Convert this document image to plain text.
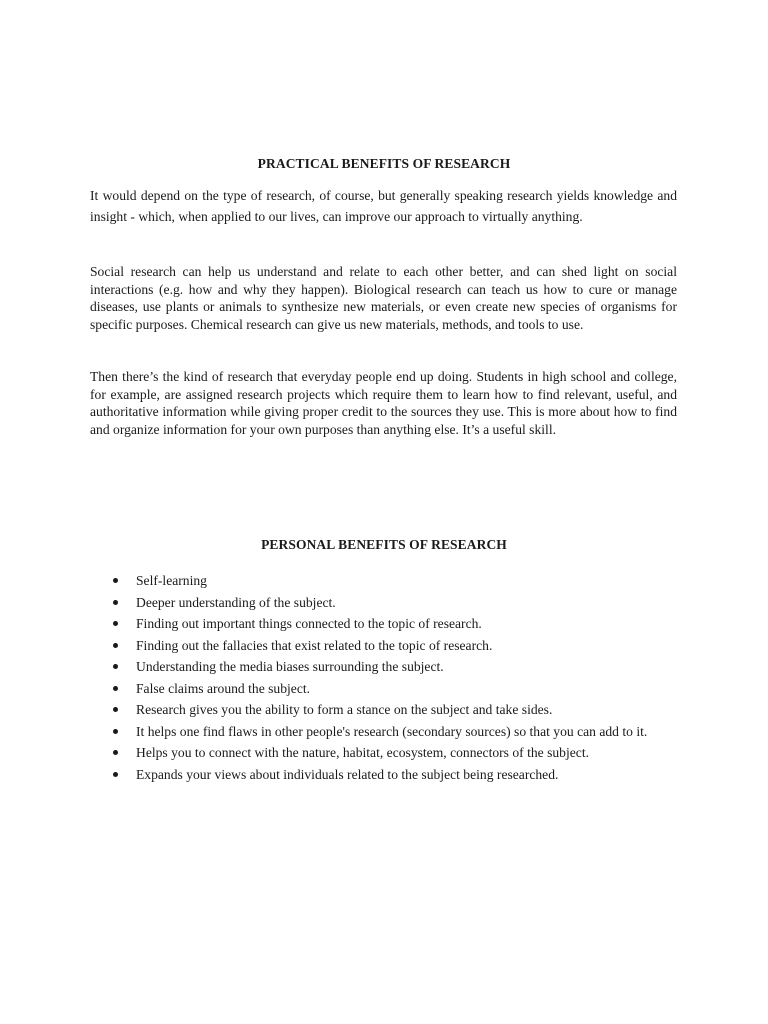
PRACTICAL BENEFITS OF RESEARCH

It would depend on the type of research, of course, but generally speaking research yields knowledge and insight - which, when applied to our lives, can improve our approach to virtually anything.

Social research can help us understand and relate to each other better, and can shed light on social interactions (e.g. how and why they happen). Biological research can teach us how to cure or manage diseases, use plants or animals to synthesize new materials, or even create new species of organisms for specific purposes. Chemical research can give us new materials, methods, and tools to use.

Then there’s the kind of research that everyday people end up doing. Students in high school and college, for example, are assigned research projects which require them to learn how to find relevant, useful, and authoritative information while giving proper credit to the sources they use. This is more about how to find and organize information for your own purposes than anything else. It’s a useful skill.

PERSONAL BENEFITS OF RESEARCH
Self-learning
Deeper understanding of the subject.
Finding out important things connected to the topic of research.
Finding out the fallacies that exist related to the topic of research.
Understanding the media biases surrounding the subject.
False claims around the subject.
Research gives you the ability to form a stance on the subject and take sides.
It helps one find flaws in other people's research (secondary sources) so that you can add to it.
Helps you to connect with the nature, habitat, ecosystem, connectors of the subject.
Expands your views about individuals related to the subject being researched.
